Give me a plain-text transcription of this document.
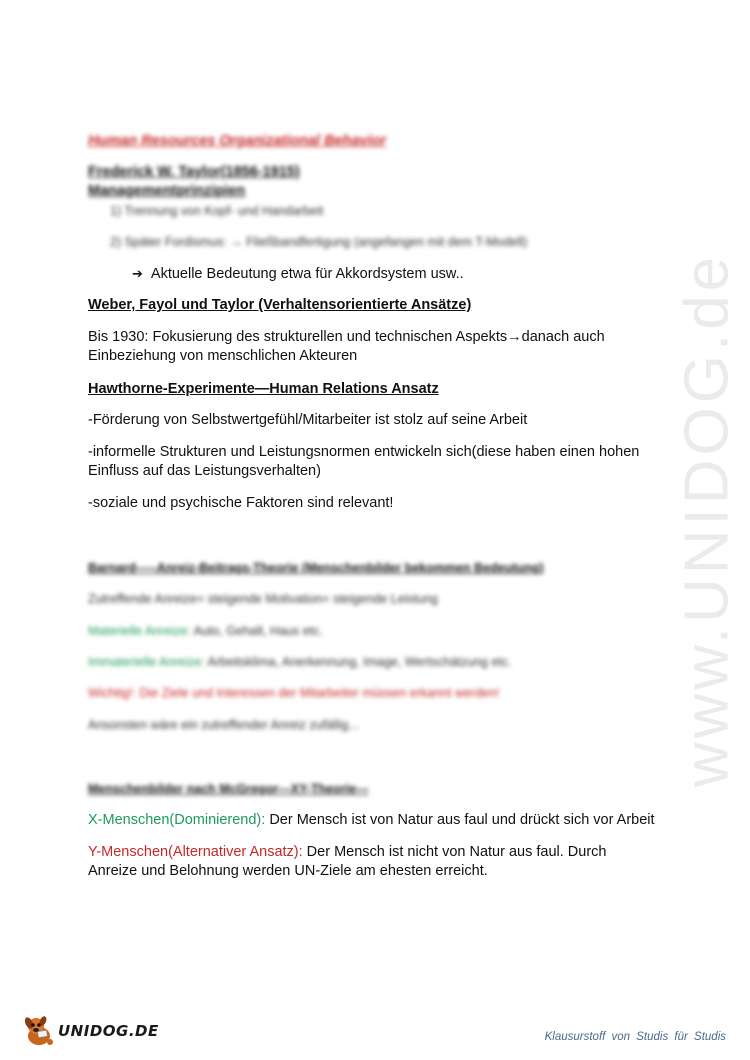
www.UNIDOG.de
Human Resources Organizational Behavior
Frederick W. Taylor(1856-1915)
Managementprinzipien
1) Trennung von Kopf- und Handarbeit
2) Später Fordismus: → Fließbandfertigung (angefangen mit dem T-Modell)
➔ Aktuelle Bedeutung etwa für Akkordsystem usw..
Weber, Fayol und Taylor (Verhaltensorientierte Ansätze)
Bis 1930: Fokusierung des strukturellen und technischen Aspekts→danach auch
Einbeziehung von menschlichen Akteuren
Hawthorne-Experimente—Human Relations Ansatz
-Förderung von Selbstwertgefühl/Mitarbeiter ist stolz auf seine Arbeit
-informelle Strukturen und Leistungsnormen entwickeln sich(diese haben einen hohen
Einfluss auf das Leistungsverhalten)
-soziale und psychische Faktoren sind relevant!
Barnard-----Anreiz-Beitrags-Theorie (Menschenbilder bekommen Bedeutung)
Zutreffende Anreize= steigende Motivation= steigende Leistung
Materielle Anreize: Auto, Gehalt, Haus etc.
Immaterielle Anreize: Arbeitsklima, Anerkennung, Image, Wertschätzung etc.
Wichtig!: Die Ziele und Interessen der Mitarbeiter müssen erkannt werden!
Ansonsten wäre ein zutreffender Anreiz zufällig...
Menschenbilder nach McGregor---XY-Theorie---
X-Menschen(Dominierend): Der Mensch ist von Natur aus faul und drückt sich vor Arbeit
Y-Menschen(Alternativer Ansatz): Der Mensch ist nicht von Natur aus faul. Durch
Anreize und Belohnung werden UN-Ziele am ehesten erreicht.
UNIDOG.DE	Klausurstoff von Studis für Studis
